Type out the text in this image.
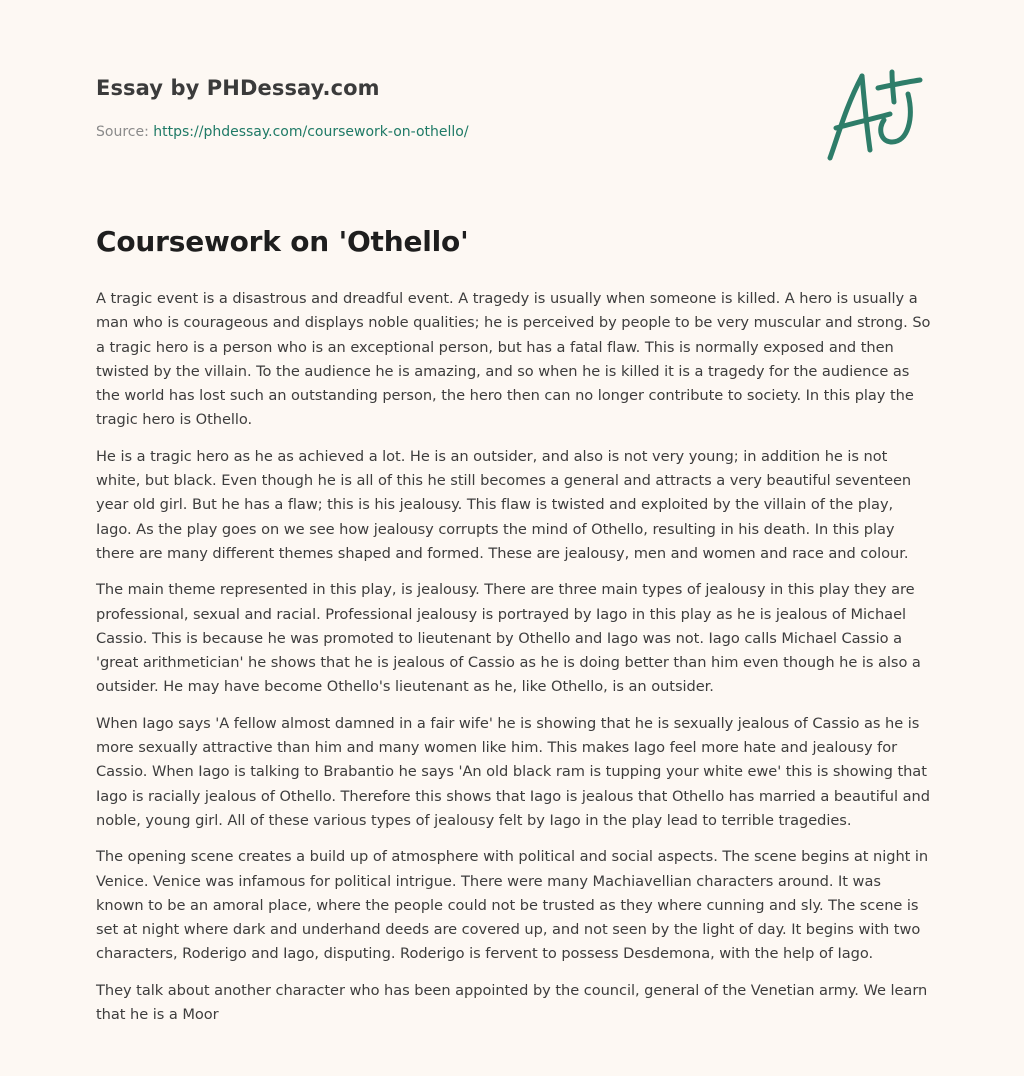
Essay by PHDessay.com
Source: https://phdessay.com/coursework-on-othello/
Coursework on 'Othello'

A tragic event is a disastrous and dreadful event. A tragedy is usually when someone is killed. A hero is usually a man who is courageous and displays noble qualities; he is perceived by people to be very muscular and strong. So a tragic hero is a person who is an exceptional person, but has a fatal flaw. This is normally exposed and then twisted by the villain. To the audience he is amazing, and so when he is killed it is a tragedy for the audience as the world has lost such an outstanding person, the hero then can no longer contribute to society. In this play the tragic hero is Othello.

He is a tragic hero as he as achieved a lot. He is an outsider, and also is not very young; in addition he is not white, but black. Even though he is all of this he still becomes a general and attracts a very beautiful seventeen year old girl. But he has a flaw; this is his jealousy. This flaw is twisted and exploited by the villain of the play, Iago. As the play goes on we see how jealousy corrupts the mind of Othello, resulting in his death. In this play there are many different themes shaped and formed. These are jealousy, men and women and race and colour.

The main theme represented in this play, is jealousy. There are three main types of jealousy in this play they are professional, sexual and racial. Professional jealousy is portrayed by Iago in this play as he is jealous of Michael Cassio. This is because he was promoted to lieutenant by Othello and Iago was not. Iago calls Michael Cassio a 'great arithmetician' he shows that he is jealous of Cassio as he is doing better than him even though he is also a outsider. He may have become Othello's lieutenant as he, like Othello, is an outsider.

When Iago says 'A fellow almost damned in a fair wife' he is showing that he is sexually jealous of Cassio as he is more sexually attractive than him and many women like him. This makes Iago feel more hate and jealousy for Cassio. When Iago is talking to Brabantio he says 'An old black ram is tupping your white ewe' this is showing that Iago is racially jealous of Othello. Therefore this shows that Iago is jealous that Othello has married a beautiful and noble, young girl. All of these various types of jealousy felt by Iago in the play lead to terrible tragedies.

The opening scene creates a build up of atmosphere with political and social aspects. The scene begins at night in Venice. Venice was infamous for political intrigue. There were many Machiavellian characters around. It was known to be an amoral place, where the people could not be trusted as they where cunning and sly. The scene is set at night where dark and underhand deeds are covered up, and not seen by the light of day. It begins with two characters, Roderigo and Iago, disputing. Roderigo is fervent to possess Desdemona, with the help of Iago.

They talk about another character who has been appointed by the council, general of the Venetian army. We learn that he is a Moor
